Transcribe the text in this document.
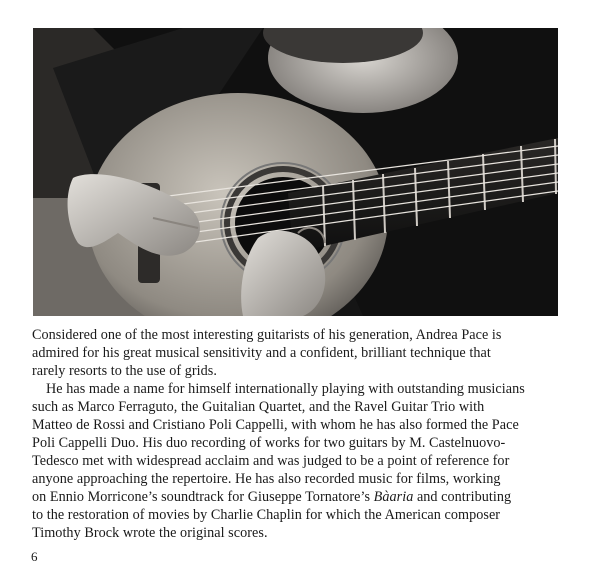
Considered one of the most interesting guitarists of his generation, Andrea Pace is
admired for his great musical sensitivity and a confident, brilliant technique that
rarely resorts to the use of grids.

He has made a name for himself internationally playing with outstanding musicians
such as Marco Ferraguto, the Guitalian Quartet, and the Ravel Guitar Trio with
Matteo de Rossi and Cristiano Poli Cappelli, with whom he has also formed the Pace
Poli Cappelli Duo. His duo recording of works for two guitars by M. Castelnuovo-
Tedesco met with widespread acclaim and was judged to be a point of reference for
anyone approaching the repertoire. He has also recorded music for films, working
on Ennio Morricone’s soundtrack for Giuseppe Tornatore’s Bàaria and contributing
to the restoration of movies by Charlie Chaplin for which the American composer
Timothy Brock wrote the original scores.

6
